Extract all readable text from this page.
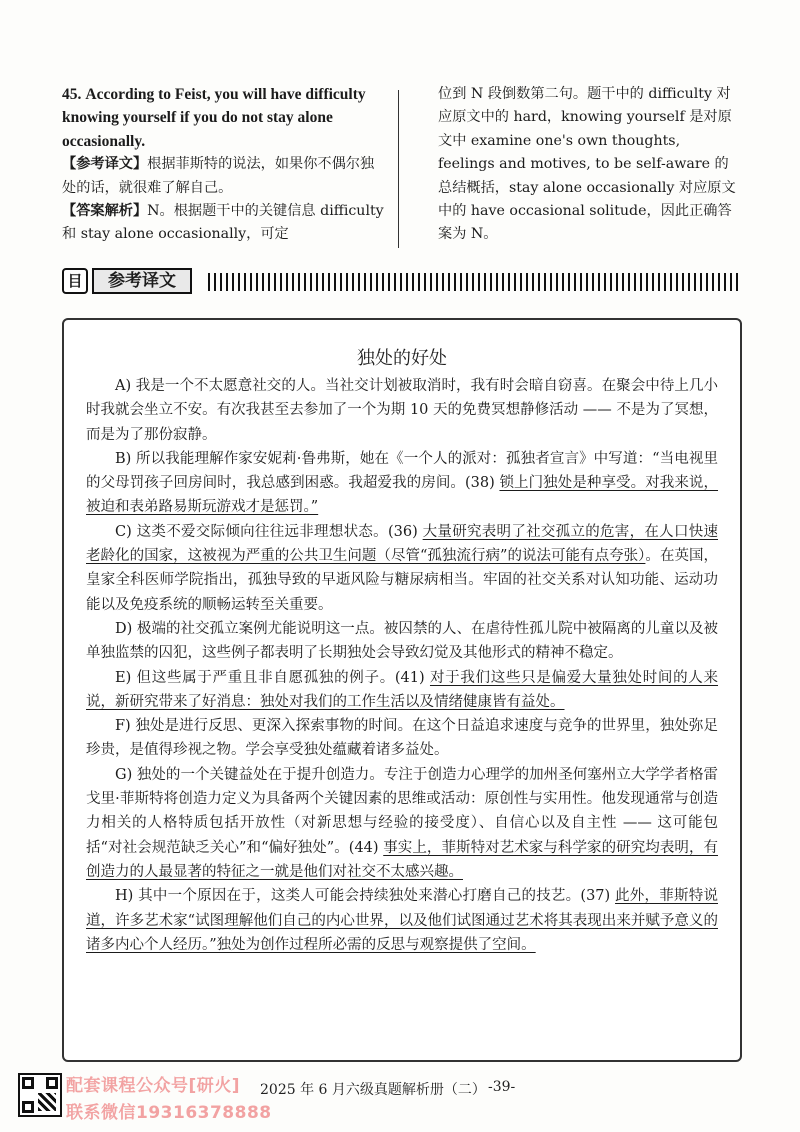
45. According to Feist, you will have difficulty knowing yourself if you do not stay alone occasionally.
【参考译文】根据菲斯特的说法，如果你不偶尔独处的话，就很难了解自己。
【答案解析】N。根据题干中的关键信息 difficulty 和 stay alone occasionally，可定
位到 N 段倒数第二句。题干中的 difficulty 对应原文中的 hard，knowing yourself 是对原文中 examine one's own thoughts, feelings and motives, to be self-aware 的总结概括，stay alone occasionally 对应原文中的 have occasional solitude，因此正确答案为 N。
目	参考译文
独处的好处

A) 我是一个不太愿意社交的人。当社交计划被取消时，我有时会暗自窃喜。在聚会中待上几小时我就会坐立不安。有次我甚至去参加了一个为期 10 天的免费冥想静修活动 —— 不是为了冥想，而是为了那份寂静。

B) 所以我能理解作家安妮莉·鲁弗斯，她在《一个人的派对：孤独者宣言》中写道：“当电视里的父母罚孩子回房间时，我总感到困惑。我超爱我的房间。(38) 锁上门独处是种享受。对我来说，被迫和表弟路易斯玩游戏才是惩罚。”

C) 这类不爱交际倾向往往远非理想状态。(36) 大量研究表明了社交孤立的危害，在人口快速老龄化的国家，这被视为严重的公共卫生问题（尽管“孤独流行病”的说法可能有点夸张）。在英国，皇家全科医师学院指出，孤独导致的早逝风险与糖尿病相当。牢固的社交关系对认知功能、运动功能以及免疫系统的顺畅运转至关重要。

D) 极端的社交孤立案例尤能说明这一点。被囚禁的人、在虐待性孤儿院中被隔离的儿童以及被单独监禁的囚犯，这些例子都表明了长期独处会导致幻觉及其他形式的精神不稳定。

E) 但这些属于严重且非自愿孤独的例子。(41) 对于我们这些只是偏爱大量独处时间的人来说，新研究带来了好消息：独处对我们的工作生活以及情绪健康皆有益处。

F) 独处是进行反思、更深入探索事物的时间。在这个日益追求速度与竞争的世界里，独处弥足珍贵，是值得珍视之物。学会享受独处蕴藏着诸多益处。

G) 独处的一个关键益处在于提升创造力。专注于创造力心理学的加州圣何塞州立大学学者格雷戈里·菲斯特将创造力定义为具备两个关键因素的思维或活动：原创性与实用性。他发现通常与创造力相关的人格特质包括开放性（对新思想与经验的接受度）、自信心以及自主性 —— 这可能包括“对社会规范缺乏关心”和“偏好独处”。(44) 事实上，菲斯特对艺术家与科学家的研究均表明，有创造力的人最显著的特征之一就是他们对社交不太感兴趣。

H) 其中一个原因在于，这类人可能会持续独处来潜心打磨自己的技艺。(37) 此外，菲斯特说道，许多艺术家“试图理解他们自己的内心世界，以及他们试图通过艺术将其表现出来并赋予意义的诸多内心个人经历。”独处为创作过程所必需的反思与观察提供了空间。

配套课程公众号[研火]
联系微信19316378888
2025 年 6 月六级真题解析册（二） -39-
